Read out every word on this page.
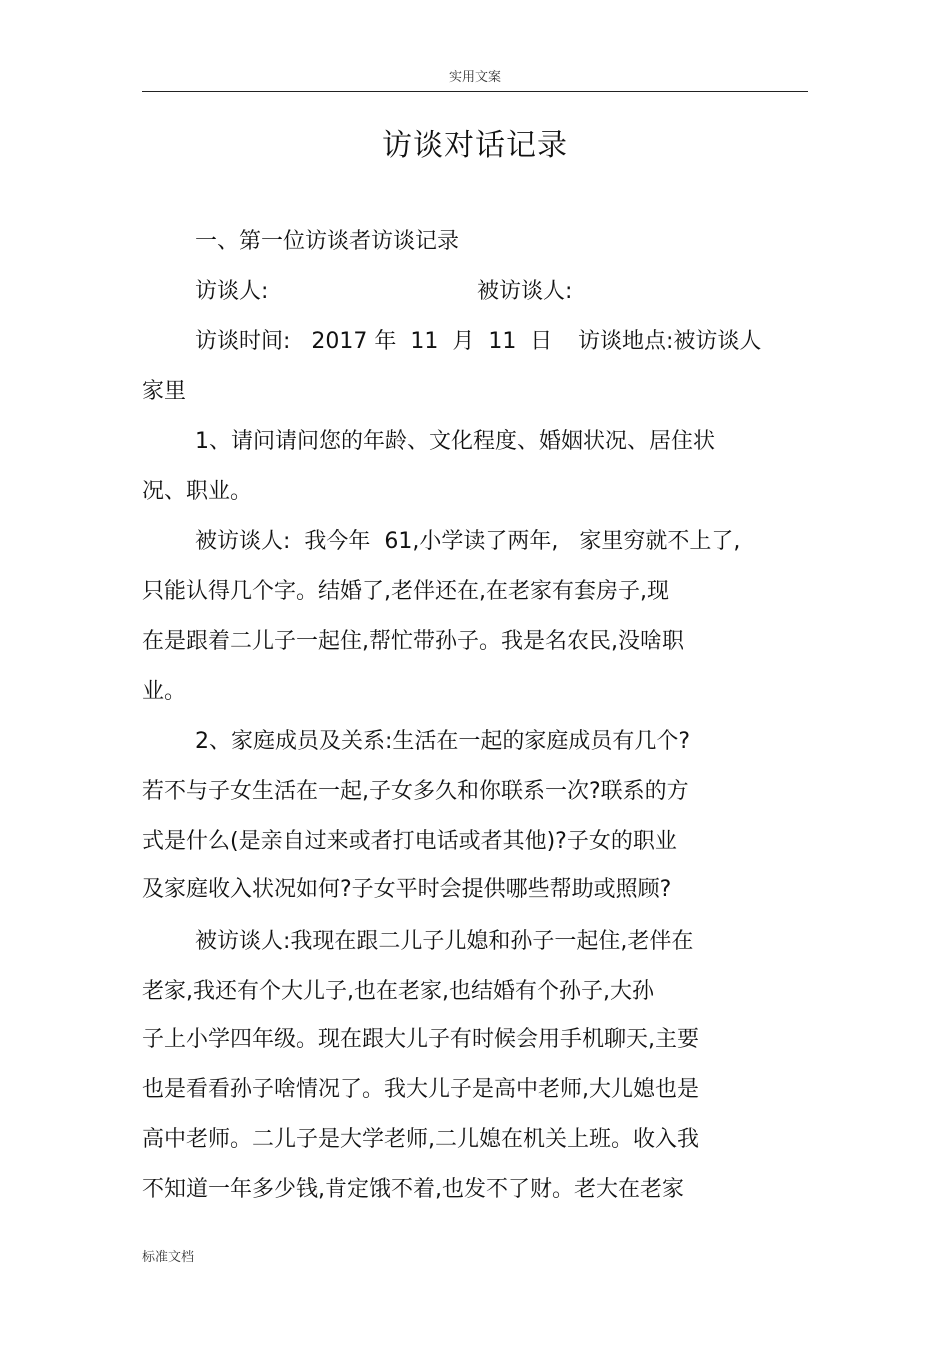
实用文案
访谈对话记录
一、第一位访谈者访谈记录
访谈人:	被访谈人:
访谈时间:   2017 年  11  月  11  日 访谈地点:被访谈人
家里
1、请问请问您的年龄、文化程度、婚姻状况、居住状
况、职业。
被访谈人:  我今年  61,小学读了两年,   家里穷就不上了,
只能认得几个字。结婚了,老伴还在,在老家有套房子,现
在是跟着二儿子一起住,帮忙带孙子。我是名农民,没啥职
业。
2、家庭成员及关系:生活在一起的家庭成员有几个?
若不与子女生活在一起,子女多久和你联系一次?联系的方
式是什么(是亲自过来或者打电话或者其他)?子女的职业
及家庭收入状况如何?子女平时会提供哪些帮助或照顾?
被访谈人:我现在跟二儿子儿媳和孙子一起住,老伴在
老家,我还有个大儿子,也在老家,也结婚有个孙子,大孙
子上小学四年级。现在跟大儿子有时候会用手机聊天,主要
也是看看孙子啥情况了。我大儿子是高中老师,大儿媳也是
高中老师。二儿子是大学老师,二儿媳在机关上班。收入我
不知道一年多少钱,肯定饿不着,也发不了财。老大在老家
标准文档
